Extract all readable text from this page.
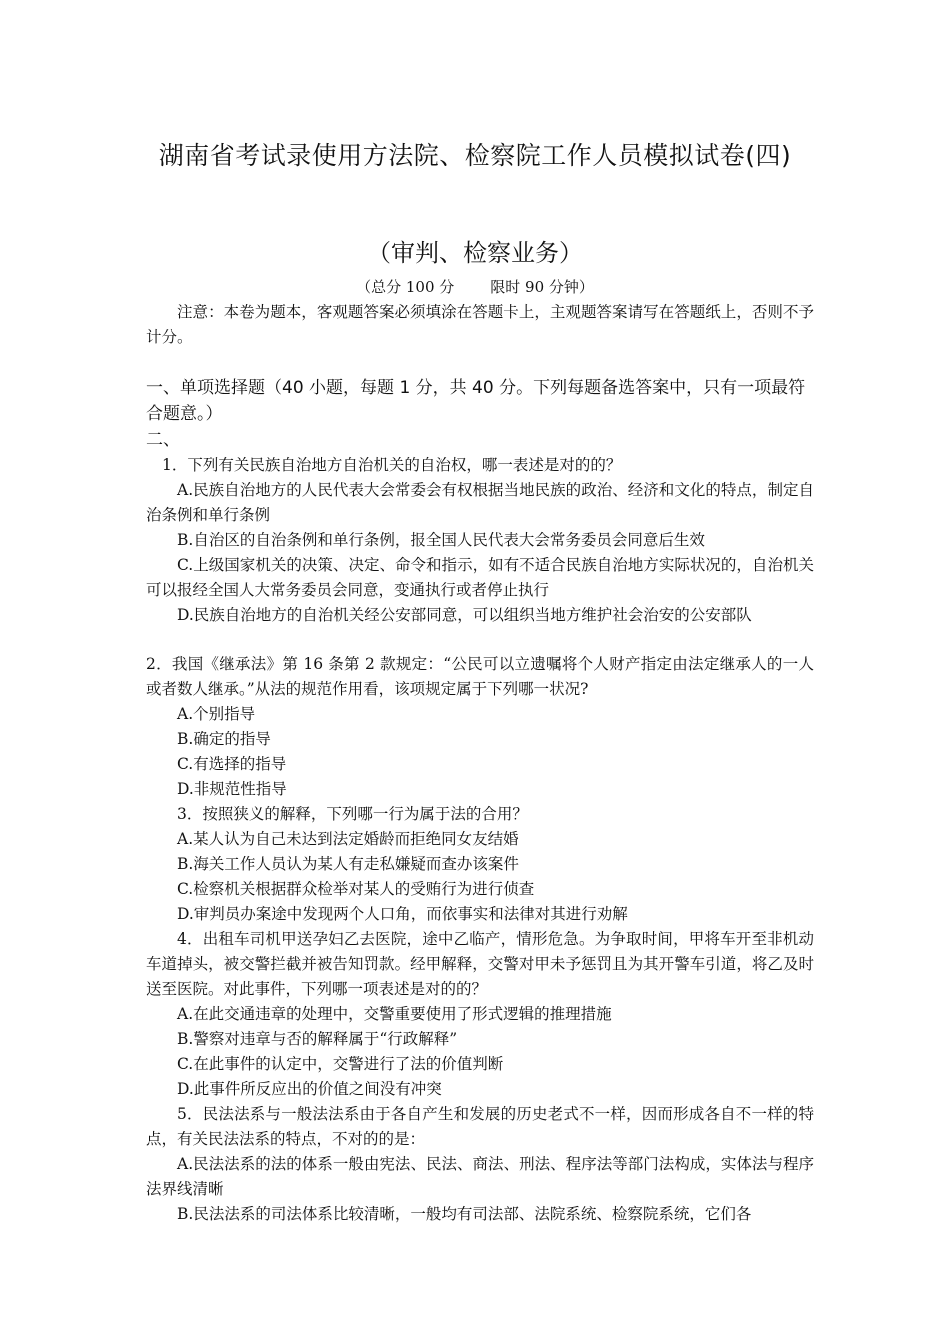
湖南省考试录使用方法院、检察院工作人员模拟试卷(四)
（审判、检察业务）
（总分 100 分 限时 90 分钟）

注意：本卷为题本，客观题答案必须填涂在答题卡上，主观题答案请写在答题纸上，否则不予计分。

一、单项选择题（40 小题，每题 1 分，共 40 分。下列每题备选答案中，只有一项最符合题意。）

二、

1．下列有关民族自治地方自治机关的自治权，哪一表述是对的的？

A.民族自治地方的人民代表大会常委会有权根据当地民族的政治、经济和文化的特点，制定自治条例和单行条例

B.自治区的自治条例和单行条例，报全国人民代表大会常务委员会同意后生效

C.上级国家机关的决策、决定、命令和指示，如有不适合民族自治地方实际状况的，自治机关可以报经全国人大常务委员会同意，变通执行或者停止执行

D.民族自治地方的自治机关经公安部同意，可以组织当地方维护社会治安的公安部队

2．我国《继承法》第 16 条第 2 款规定：“公民可以立遗嘱将个人财产指定由法定继承人的一人或者数人继承。”从法的规范作用看，该项规定属于下列哪一状况?

A.个别指导

B.确定的指导

C.有选择的指导

D.非规范性指导

3．按照狭义的解释，下列哪一行为属于法的合用？

A.某人认为自己未达到法定婚龄而拒绝同女友结婚

B.海关工作人员认为某人有走私嫌疑而查办该案件

C.检察机关根据群众检举对某人的受贿行为进行侦查

D.审判员办案途中发现两个人口角，而依事实和法律对其进行劝解

4．出租车司机甲送孕妇乙去医院，途中乙临产，情形危急。为争取时间，甲将车开至非机动车道掉头，被交警拦截并被告知罚款。经甲解释，交警对甲未予惩罚且为其开警车引道，将乙及时送至医院。对此事件，下列哪一项表述是对的的？

A.在此交通违章的处理中，交警重要使用了形式逻辑的推理措施

B.警察对违章与否的解释属于“行政解释”

C.在此事件的认定中，交警进行了法的价值判断

D.此事件所反应出的价值之间没有冲突

5．民法法系与一般法法系由于各自产生和发展的历史老式不一样，因而形成各自不一样的特点，有关民法法系的特点，不对的的是：

A.民法法系的法的体系一般由宪法、民法、商法、刑法、程序法等部门法构成，实体法与程序法界线清晰

B.民法法系的司法体系比较清晰，一般均有司法部、法院系统、检察院系统，它们各
